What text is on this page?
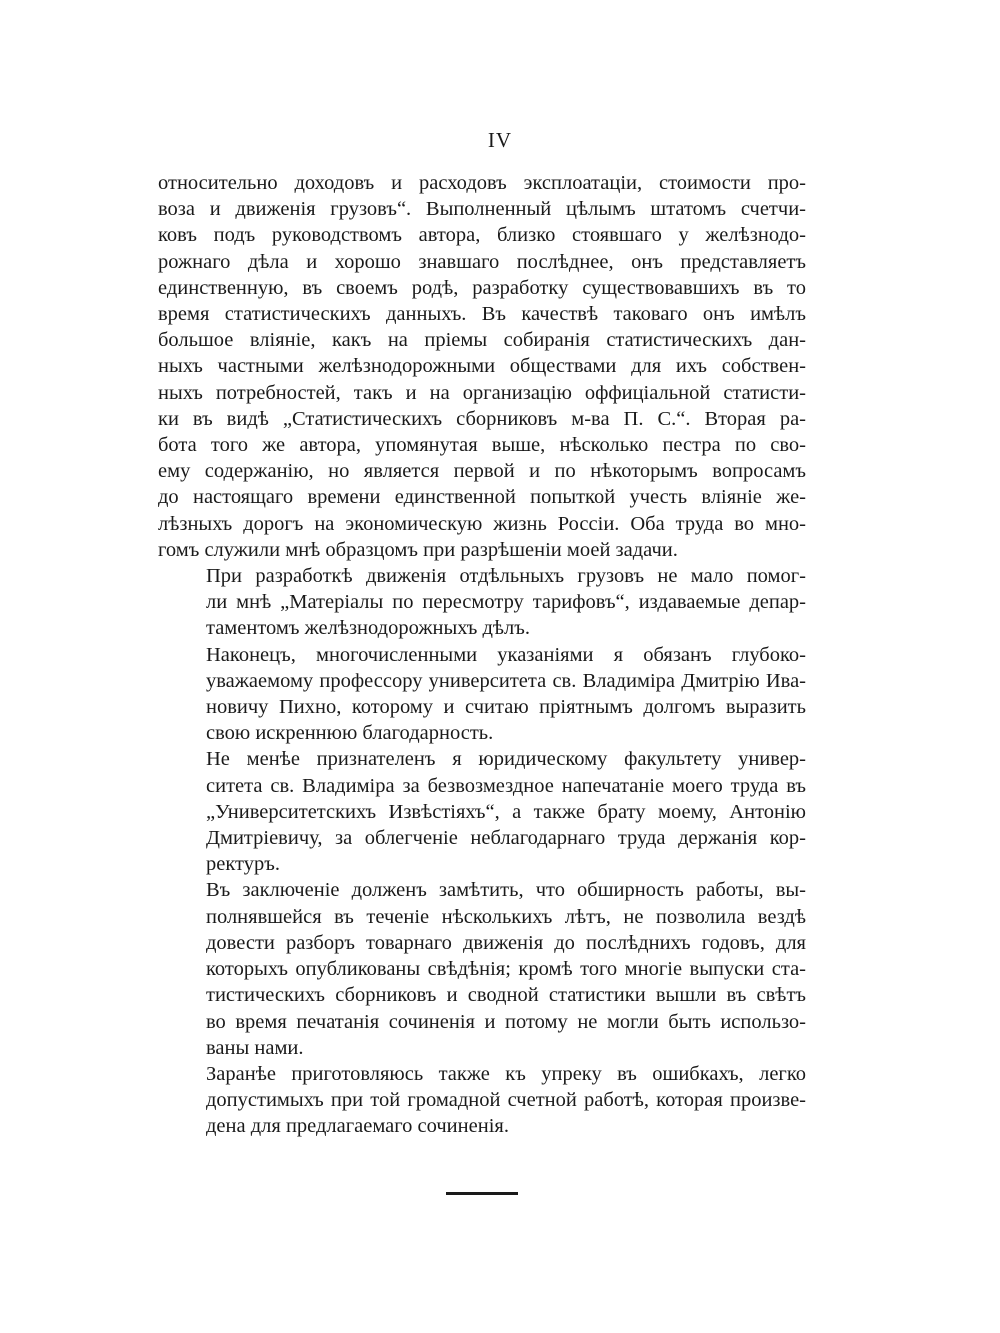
IV

относительно доходовъ и расходовъ эксплоатаціи, стоимости про-
воза и движенія грузовъ“. Выполненный цѣлымъ штатомъ счетчи-
ковъ подъ руководствомъ автора, близко стоявшаго у желѣзнодо-
рожнаго дѣла и хорошо знавшаго послѣднее, онъ представляетъ
единственную, въ своемъ родѣ, разработку существовавшихъ въ то
время статистическихъ данныхъ. Въ качествѣ таковаго онъ имѣлъ
большое вліяніе, какъ на пріемы собиранія статистическихъ дан-
ныхъ частными желѣзнодорожными обществами для ихъ собствен-
ныхъ потребностей, такъ и на организацію оффиціальной статисти-
ки въ видѣ „Статистическихъ сборниковъ м-ва П. С.“. Вторая ра-
бота того же автора, упомянутая выше, нѣсколько пестра по сво-
ему содержанію, но является первой и по нѣкоторымъ вопросамъ
до настоящаго времени единственной попыткой учесть вліяніе же-
лѣзныхъ дорогъ на экономическую жизнь Россіи. Оба труда во мно-
гомъ служили мнѣ образцомъ при разрѣшеніи моей задачи.

При разработкѣ движенія отдѣльныхъ грузовъ не мало помог-
ли мнѣ „Матеріалы по пересмотру тарифовъ“, издаваемые депар-
таментомъ желѣзнодорожныхъ дѣлъ.

Наконецъ, многочисленными указаніями я обязанъ глубоко-
уважаемому профессору университета св. Владиміра Дмитрію Ива-
новичу Пихно, которому и считаю пріятнымъ долгомъ выразить
свою искреннюю благодарность.

Не менѣе признателенъ я юридическому факультету универ-
ситета св. Владиміра за безвозмездное напечатаніе моего труда въ
„Университетскихъ Извѣстіяхъ“, а также брату моему, Антонію
Дмитріевичу, за облегченіе неблагодарнаго труда держанія кор-
ректуръ.

Въ заключеніе долженъ замѣтить, что обширность работы, вы-
полнявшейся въ теченіе нѣсколькихъ лѣтъ, не позволила вездѣ
довести разборъ товарнаго движенія до послѣднихъ годовъ, для
которыхъ опубликованы свѣдѣнія; кромѣ того многіе выпуски ста-
тистическихъ сборниковъ и сводной статистики вышли въ свѣтъ
во время печатанія сочиненія и потому не могли быть использо-
ваны нами.

Заранѣе приготовляюсь также къ упреку въ ошибкахъ, легко
допустимыхъ при той громадной счетной работѣ, которая произве-
дена для предлагаемаго сочиненія.
